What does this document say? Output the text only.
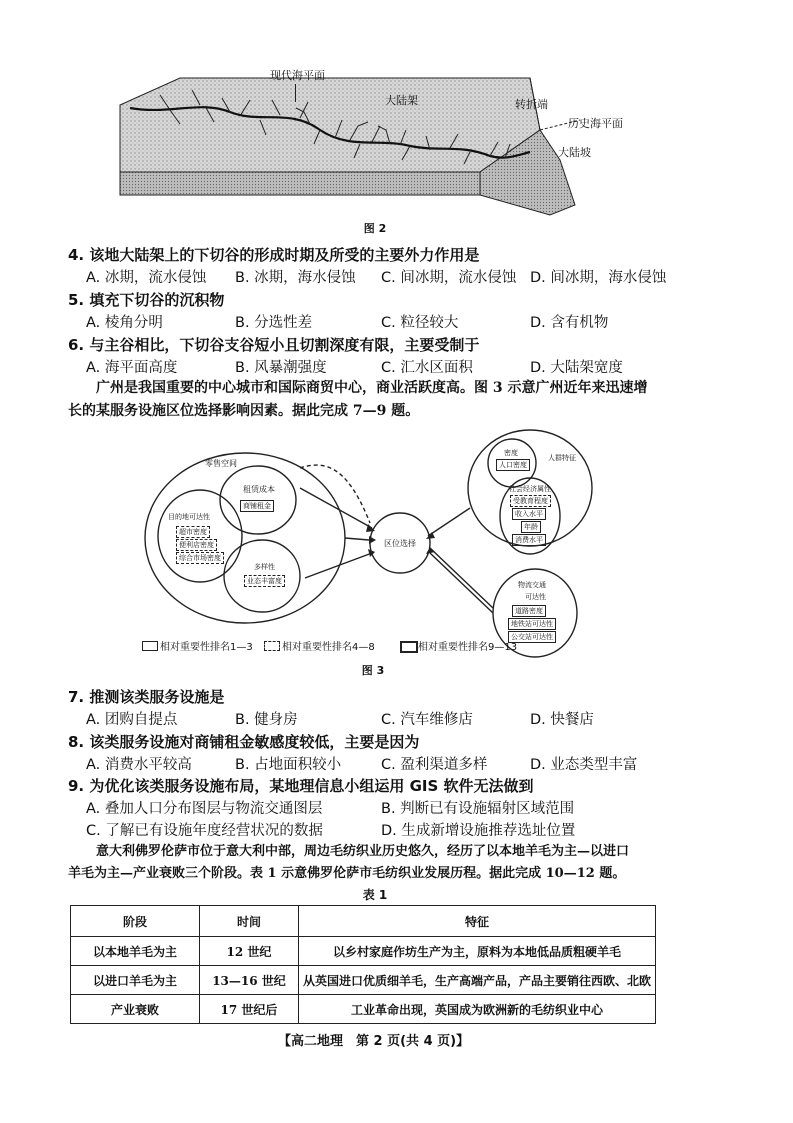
现代海平面
大陆架	转折端
历史海平面
大陆坡
图 2
4. 该地大陆架上的下切谷的形成时期及所受的主要外力作用是
A. 冰期，流水侵蚀 B. 冰期，海水侵蚀 C. 间冰期，流水侵蚀 D. 间冰期，海水侵蚀
5. 填充下切谷的沉积物
A. 棱角分明	B. 分选性差	C. 粒径较大	D. 含有机物
6. 与主谷相比，下切谷支谷短小且切割深度有限，主要受制于
A. 海平面高度	B. 风暴潮强度	C. 汇水区面积	D. 大陆架宽度
广州是我国重要的中心城市和国际商贸中心，商业活跃度高。图 3 示意广州近年来迅速增
长的某服务设施区位选择影响因素。据此完成 7—9 题。
零售空间
租赁成本
商铺租金
目的地可达性
超市密度
便利店密度
综合市场密度
多样性
业态丰富度
区位选择
密度
人口密度
人群特征
社会经济属性
受教育程度
收入水平
年龄
消费水平
物流交通
可达性
道路密度
地铁站可达性
公交站可达性
相对重要性排名1—3	相对重要性排名4—8	相对重要性排名9—13
图 3
7. 推测该类服务设施是
A. 团购自提点	B. 健身房	C. 汽车维修店	D. 快餐店
8. 该类服务设施对商铺租金敏感度较低，主要是因为
A. 消费水平较高	B. 占地面积较小	C. 盈利渠道多样	D. 业态类型丰富
9. 为优化该类服务设施布局，某地理信息小组运用 GIS 软件无法做到
A. 叠加人口分布图层与物流交通图层	B. 判断已有设施辐射区域范围
C. 了解已有设施年度经营状况的数据	D. 生成新增设施推荐选址位置
意大利佛罗伦萨市位于意大利中部，周边毛纺织业历史悠久，经历了以本地羊毛为主—以进口
羊毛为主—产业衰败三个阶段。表 1 示意佛罗伦萨市毛纺织业发展历程。据此完成 10—12 题。
表 1
阶段	时间	特征
以本地羊毛为主	12 世纪	以乡村家庭作坊生产为主，原料为本地低品质粗硬羊毛
以进口羊毛为主	13—16 世纪	从英国进口优质细羊毛，生产高端产品，产品主要销往西欧、北欧
产业衰败	17 世纪后	工业革命出现，英国成为欧洲新的毛纺织业中心
【高二地理　第 2 页(共 4 页)】
